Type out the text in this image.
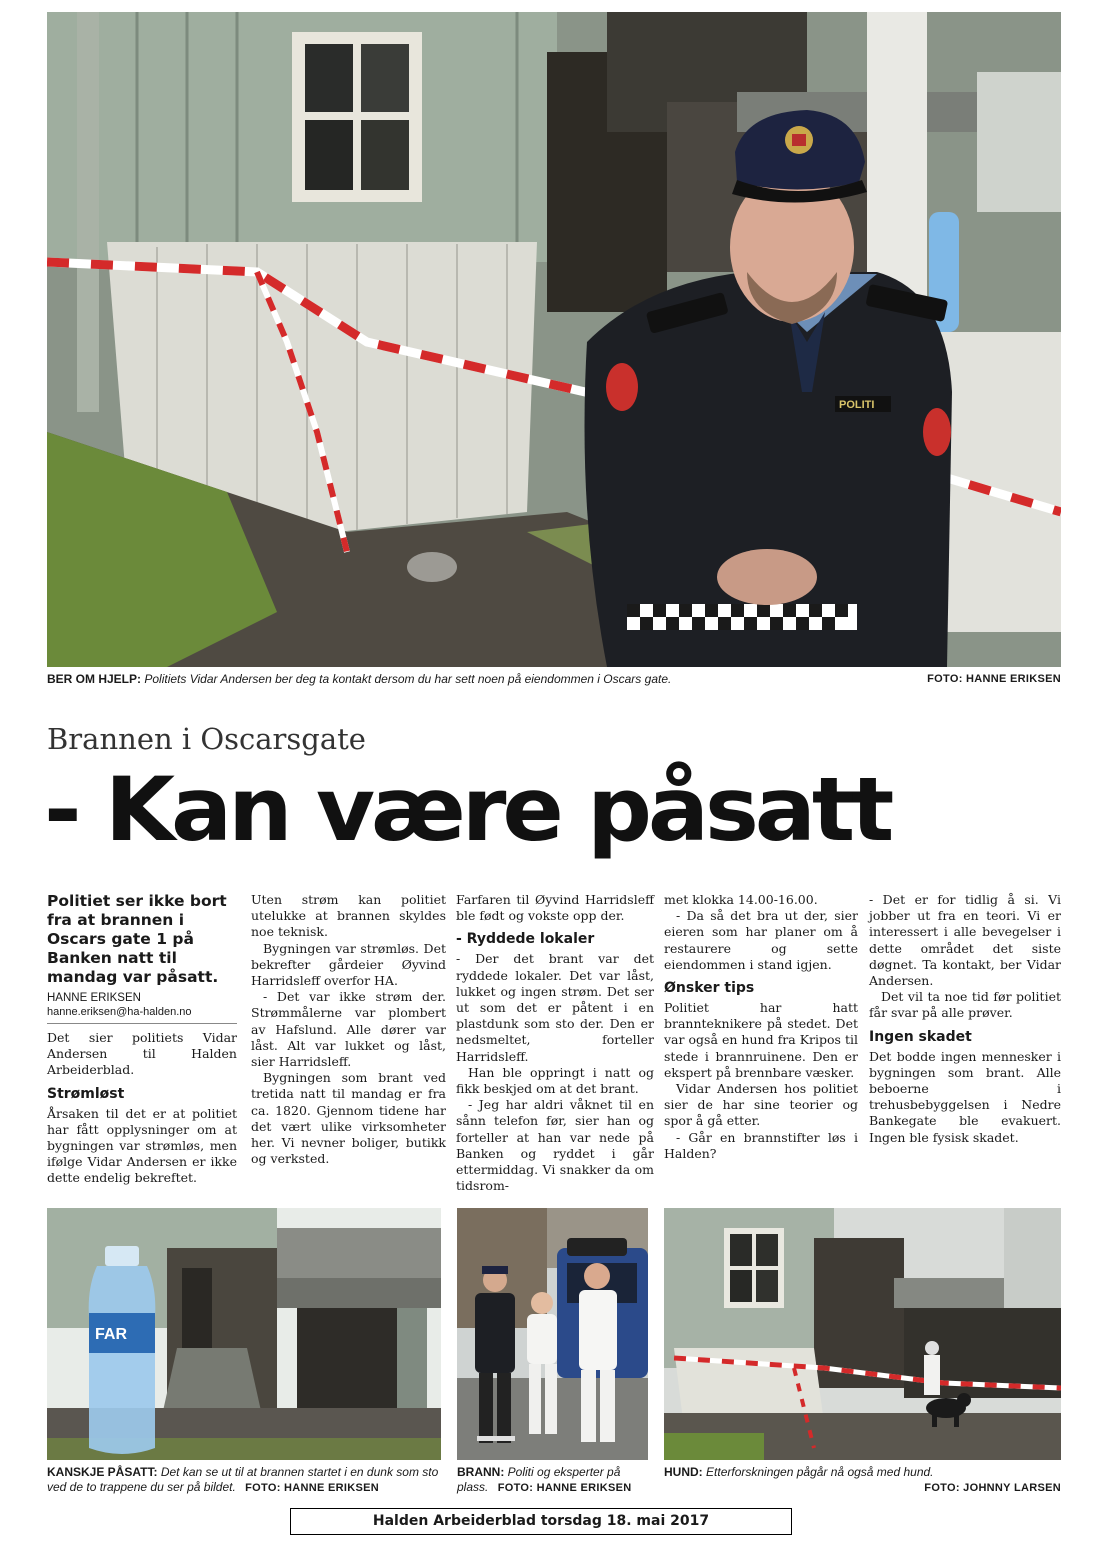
POLITI
BER OM HJELP: Politiets Vidar Andersen ber deg ta kontakt dersom du har sett noen på eiendommen i Oscars gate.	FOTO: HANNE ERIKSEN
Brannen i Oscarsgate
- Kan være påsatt
Politiet ser ikke bort fra at brannen i Oscars gate 1 på Banken natt til mandag var påsatt.
HANNE ERIKSEN
hanne.eriksen@ha-halden.no

Det sier politiets Vidar Andersen til Halden Arbeiderblad.

Strømløst

Årsaken til det er at politiet har fått opplysninger om at bygningen var strømløs, men ifølge Vidar Andersen er ikke dette endelig bekreftet.

Uten strøm kan politiet utelukke at brannen skyldes noe teknisk.

Bygningen var strømløs. Det bekrefter gårdeier Øyvind Harridsleff overfor HA.

- Det var ikke strøm der. Strømmålerne var plombert av Hafslund. Alle dører var låst. Alt var lukket og låst, sier Harridsleff.

Bygningen som brant ved tretida natt til mandag er fra ca. 1820. Gjennom tidene har det vært ulike virksomheter her. Vi nevner boliger, butikk og verksted.

Farfaren til Øyvind Harridsleff ble født og vokste opp der.

- Ryddede lokaler

- Der det brant var det ryddede lokaler. Det var låst, lukket og ingen strøm. Det ser ut som det er påtent i en plastdunk som sto der. Den er nedsmeltet, forteller Harridsleff.

Han ble oppringt i natt og fikk beskjed om at det brant.

- Jeg har aldri våknet til en sånn telefon før, sier han og forteller at han var nede på Banken og ryddet i går ettermiddag. Vi snakker da om tidsrom-

met klokka 14.00-16.00.

- Da så det bra ut der, sier eieren som har planer om å restaurere og sette eiendommen i stand igjen.

Ønsker tips

Politiet har hatt brannteknikere på stedet. Det var også en hund fra Kripos til stede i brannruinene. Den er ekspert på brennbare væsker.

Vidar Andersen hos politiet sier de har sine teorier og spor å gå etter.

- Går en brannstifter løs i Halden?

- Det er for tidlig å si. Vi jobber ut fra en teori. Vi er interessert i alle bevegelser i dette området det siste døgnet. Ta kontakt, ber Vidar Andersen.

Det vil ta noe tid før politiet får svar på alle prøver.

Ingen skadet

Det bodde ingen mennesker i bygningen som brant. Alle beboerne i trehusbebyggelsen i Nedre Bankegate ble evakuert. Ingen ble fysisk skadet.

FAR
KANSKJE PÅSATT: Det kan se ut til at brannen startet i en dunk som sto ved de to trappene du ser på bildet. FOTO: HANNE ERIKSEN
BRANN: Politi og eksperter på plass. FOTO: HANNE ERIKSEN
HUND: Etterforskningen pågår nå også med hund.
FOTO: JOHNNY LARSEN
Halden Arbeiderblad torsdag 18. mai 2017
